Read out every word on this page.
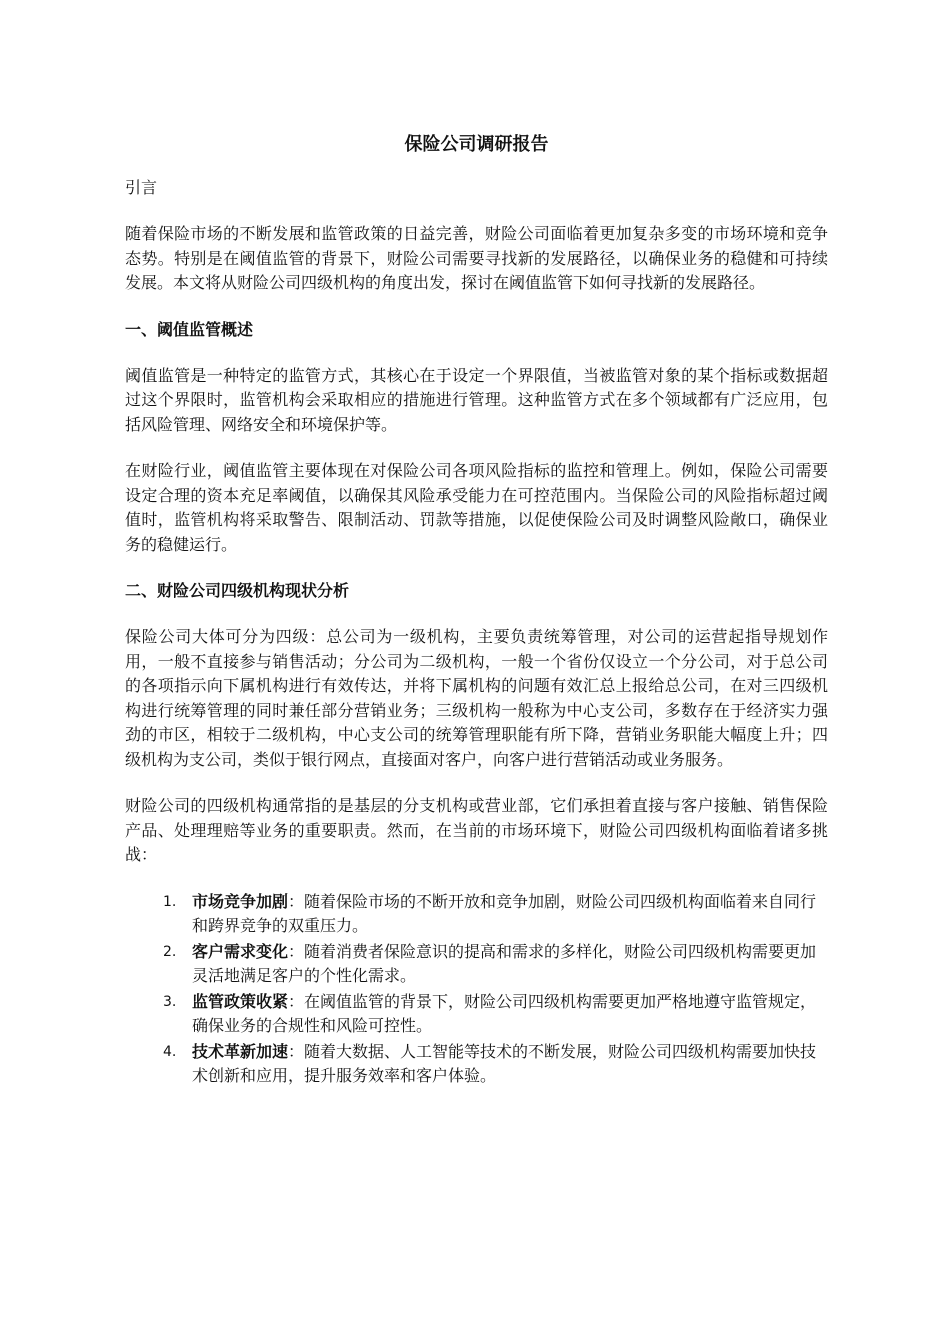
保险公司调研报告
引言

随着保险市场的不断发展和监管政策的日益完善，财险公司面临着更加复杂多变的市场环境和竞争态势。特别是在阈值监管的背景下，财险公司需要寻找新的发展路径，以确保业务的稳健和可持续发展。本文将从财险公司四级机构的角度出发，探讨在阈值监管下如何寻找新的发展路径。

一、阈值监管概述

阈值监管是一种特定的监管方式，其核心在于设定一个界限值，当被监管对象的某个指标或数据超过这个界限时，监管机构会采取相应的措施进行管理。这种监管方式在多个领域都有广泛应用，包括风险管理、网络安全和环境保护等。

在财险行业，阈值监管主要体现在对保险公司各项风险指标的监控和管理上。例如，保险公司需要设定合理的资本充足率阈值，以确保其风险承受能力在可控范围内。当保险公司的风险指标超过阈值时，监管机构将采取警告、限制活动、罚款等措施，以促使保险公司及时调整风险敞口，确保业务的稳健运行。

二、财险公司四级机构现状分析

保险公司大体可分为四级：总公司为一级机构，主要负责统筹管理，对公司的运营起指导规划作用，一般不直接参与销售活动；分公司为二级机构，一般一个省份仅设立一个分公司，对于总公司的各项指示向下属机构进行有效传达，并将下属机构的问题有效汇总上报给总公司，在对三四级机构进行统筹管理的同时兼任部分营销业务；三级机构一般称为中心支公司，多数存在于经济实力强劲的市区，相较于二级机构，中心支公司的统筹管理职能有所下降，营销业务职能大幅度上升；四级机构为支公司，类似于银行网点，直接面对客户，向客户进行营销活动或业务服务。

财险公司的四级机构通常指的是基层的分支机构或营业部，它们承担着直接与客户接触、销售保险产品、处理理赔等业务的重要职责。然而，在当前的市场环境下，财险公司四级机构面临着诸多挑战：

1. 市场竞争加剧：随着保险市场的不断开放和竞争加剧，财险公司四级机构面临着来自同行和跨界竞争的双重压力。
2. 客户需求变化：随着消费者保险意识的提高和需求的多样化，财险公司四级机构需要更加灵活地满足客户的个性化需求。
3. 监管政策收紧：在阈值监管的背景下，财险公司四级机构需要更加严格地遵守监管规定，确保业务的合规性和风险可控性。
4. 技术革新加速：随着大数据、人工智能等技术的不断发展，财险公司四级机构需要加快技术创新和应用，提升服务效率和客户体验。
